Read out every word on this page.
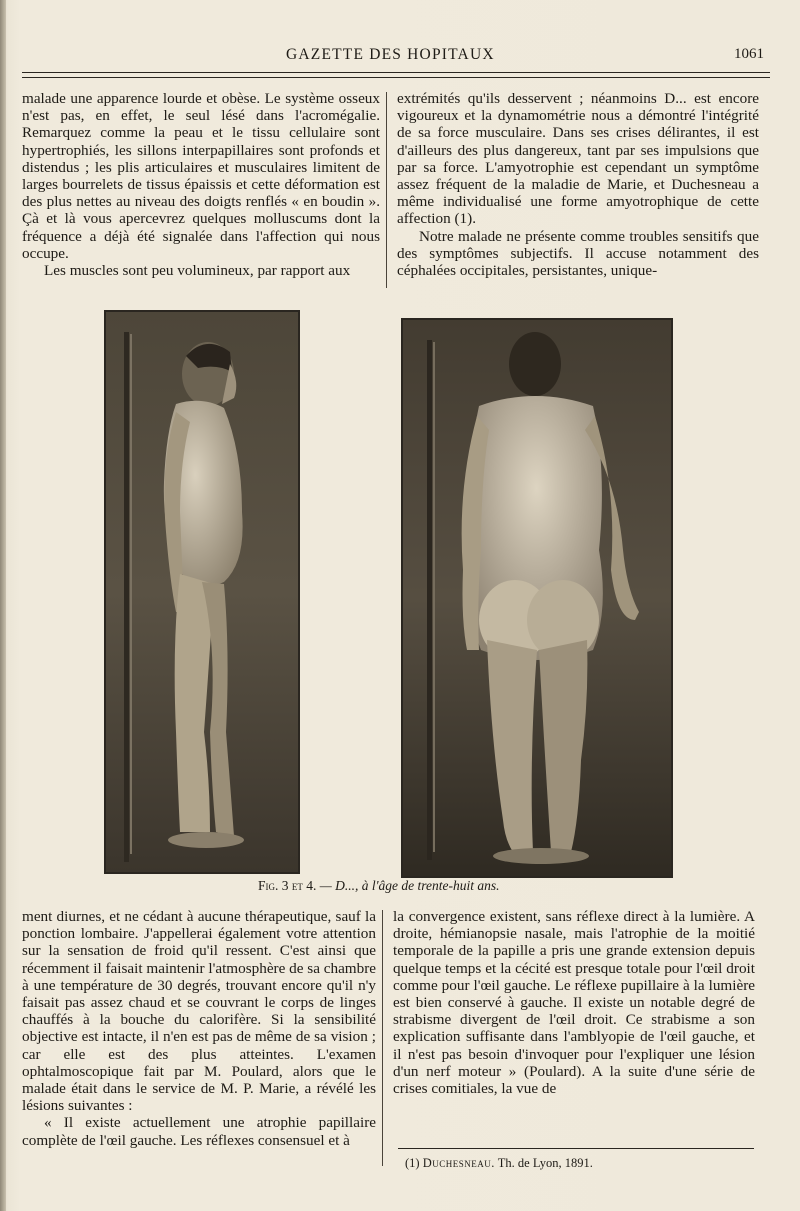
GAZETTE DES HOPITAUX	1061

malade une apparence lourde et obèse. Le système osseux n'est pas, en effet, le seul lésé dans l'acromégalie. Remarquez comme la peau et le tissu cellulaire sont hypertrophiés, les sillons interpapillaires sont profonds et distendus ; les plis articulaires et musculaires limitent de larges bourrelets de tissus épaissis et cette déformation est des plus nettes au niveau des doigts renflés « en boudin ». Çà et là vous apercevrez quelques molluscums dont la fréquence a déjà été signalée dans l'affection qui nous occupe.

Les muscles sont peu volumineux, par rapport aux

extrémités qu'ils desservent ; néanmoins D... est encore vigoureux et la dynamométrie nous a démontré l'intégrité de sa force musculaire. Dans ses crises délirantes, il est d'ailleurs des plus dangereux, tant par ses impulsions que par sa force. L'amyotrophie est cependant un symptôme assez fréquent de la maladie de Marie, et Duchesneau a même individualisé une forme amyotrophique de cette affection (1).

Notre malade ne présente comme troubles sensitifs que des symptômes subjectifs. Il accuse notamment des céphalées occipitales, persistantes, unique-

Fig. 3 et 4. — D..., à l'âge de trente-huit ans.

ment diurnes, et ne cédant à aucune thérapeutique, sauf la ponction lombaire. J'appellerai également votre attention sur la sensation de froid qu'il ressent. C'est ainsi que récemment il faisait maintenir l'atmosphère de sa chambre à une température de 30 degrés, trouvant encore qu'il n'y faisait pas assez chaud et se couvrant le corps de linges chauffés à la bouche du calorifère. Si la sensibilité objective est intacte, il n'en est pas de même de sa vision ; car elle est des plus atteintes. L'examen ophtalmoscopique fait par M. Poulard, alors que le malade était dans le service de M. P. Marie, a révélé les lésions suivantes :

« Il existe actuellement une atrophie papillaire complète de l'œil gauche. Les réflexes consensuel et à

la convergence existent, sans réflexe direct à la lumière. A droite, hémianopsie nasale, mais l'atrophie de la moitié temporale de la papille a pris une grande extension depuis quelque temps et la cécité est presque totale pour l'œil droit comme pour l'œil gauche. Le réflexe pupillaire à la lumière est bien conservé à gauche. Il existe un notable degré de strabisme divergent de l'œil droit. Ce strabisme a son explication suffisante dans l'amblyopie de l'œil gauche, et il n'est pas besoin d'invoquer pour l'expliquer une lésion d'un nerf moteur » (Poulard). A la suite d'une série de crises comitiales, la vue de

(1) Duchesneau. Th. de Lyon, 1891.
